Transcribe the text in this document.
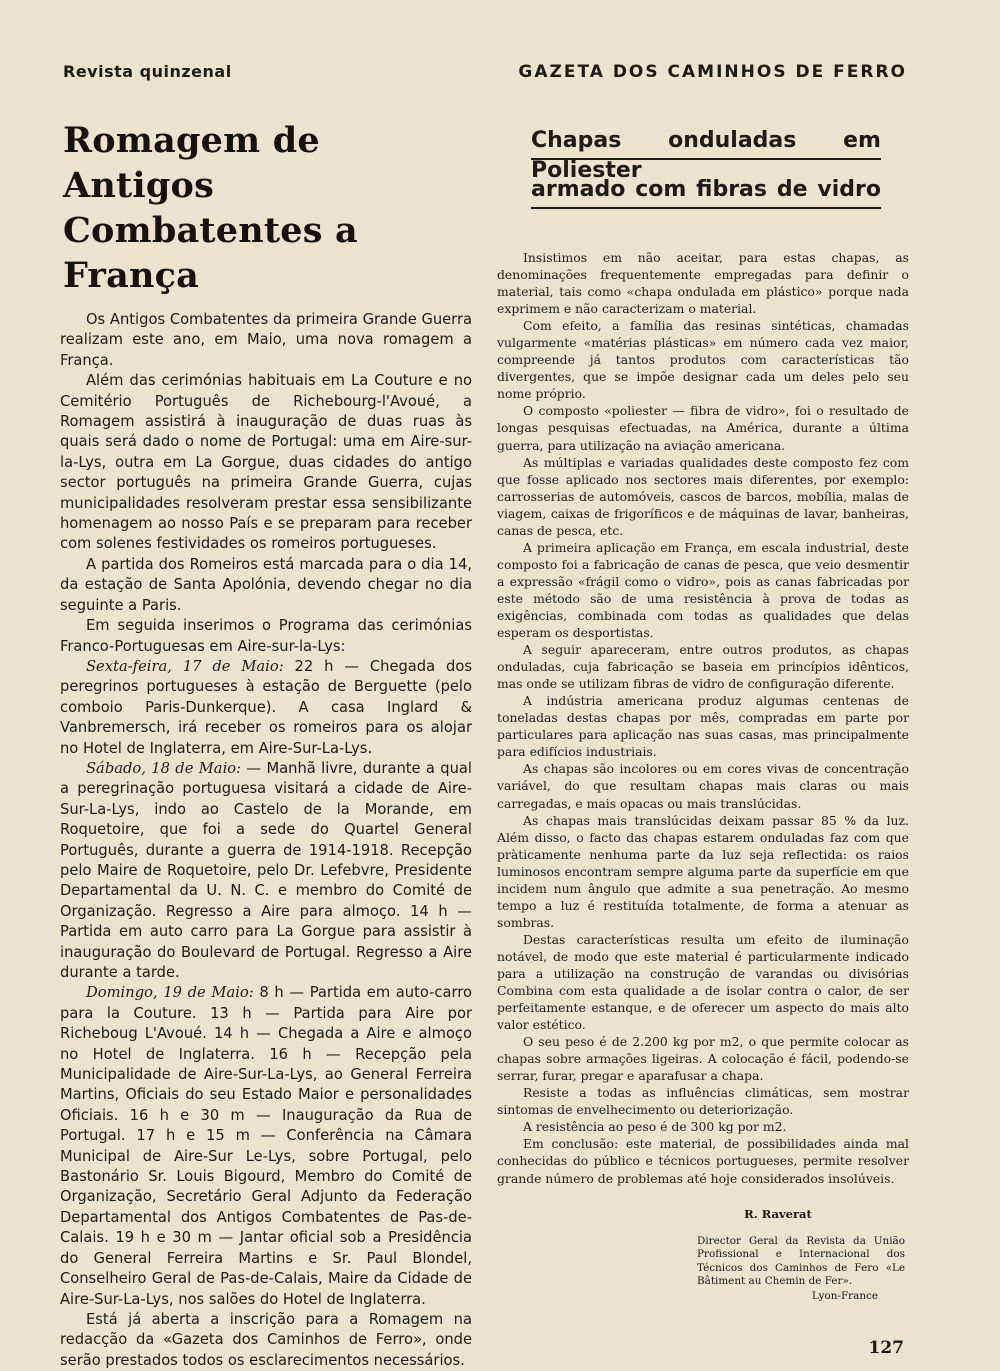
Revista quinzenal	GAZETA DOS CAMINHOS DE FERRO
Romagem de Antigos
Combatentes a França

Os Antigos Combatentes da primeira Grande Guerra realizam este ano, em Maio, uma nova romagem a França.

Além das cerimónias habituais em La Couture e no Cemitério Português de Richebourg-l'Avoué, a Romagem assistirá à inauguração de duas ruas às quais será dado o nome de Portugal: uma em Aire-sur-la-Lys, outra em La Gorgue, duas cidades do antigo sector português na primeira Grande Guerra, cujas municipalidades resolveram prestar essa sensibilizante homenagem ao nosso País e se preparam para receber com solenes festividades os romeiros portugueses.

A partida dos Romeiros está marcada para o dia 14, da estação de Santa Apolónia, devendo chegar no dia seguinte a Paris.

Em seguida inserimos o Programa das cerimónias Franco-Portuguesas em Aire-sur-la-Lys:

Sexta-feira, 17 de Maio: 22 h — Chegada dos peregrinos portugueses à estação de Berguette (pelo comboio Paris-Dunkerque). A casa Inglard & Vanbremersch, irá receber os romeiros para os alojar no Hotel de Inglaterra, em Aire-Sur-La-Lys.

Sábado, 18 de Maio: — Manhã livre, durante a qual a peregrinação portuguesa visitará a cidade de Aire-Sur-La-Lys, indo ao Castelo de la Morande, em Roquetoire, que foi a sede do Quartel General Português, durante a guerra de 1914-1918. Recepção pelo Maire de Roquetoire, pelo Dr. Lefebvre, Presidente Departamental da U. N. C. e membro do Comité de Organização. Regresso a Aire para almoço. 14 h — Partida em auto carro para La Gorgue para assistir à inauguração do Boulevard de Portugal. Regresso a Aire durante a tarde.

Domingo, 19 de Maio: 8 h — Partida em auto-carro para la Couture. 13 h — Partida para Aire por Richeboug L'Avoué. 14 h — Chegada a Aire e almoço no Hotel de Inglaterra. 16 h — Recepção pela Municipalidade de Aire-Sur-La-Lys, ao General Ferreira Martins, Oficiais do seu Estado Maior e personalidades Oficiais. 16 h e 30 m — Inauguração da Rua de Portugal. 17 h e 15 m — Conferência na Câmara Municipal de Aire-Sur Le-Lys, sobre Portugal, pelo Bastonário Sr. Louis Bigourd, Membro do Comité de Organização, Secretário Geral Adjunto da Federação Departamental dos Antigos Combatentes de Pas-de-Calais. 19 h e 30 m — Jantar oficial sob a Presidência do General Ferreira Martins e Sr. Paul Blondel, Conselheiro Geral de Pas-de-Calais, Maire da Cidade de Aire-Sur-La-Lys, nos salões do Hotel de Inglaterra.

Está já aberta a inscrição para a Romagem na redacção da «Gazeta dos Caminhos de Ferro», onde serão prestados todos os esclarecimentos necessários.

Chapas onduladas em Poliester
armado com fibras de vidro

Insistimos em não aceitar, para estas chapas, as denominações frequentemente empregadas para definir o material, tais como «chapa ondulada em plástico» porque nada exprimem e não caracterizam o material.

Com efeito, a família das resinas sintéticas, chamadas vulgarmente «matérias plásticas» em número cada vez maior, compreende já tantos produtos com características tão divergentes, que se impõe designar cada um deles pelo seu nome próprio.

O composto «poliester — fibra de vidro», foi o resultado de longas pesquisas efectuadas, na América, durante a última guerra, para utilização na aviação americana.

As múltiplas e variadas qualidades deste composto fez com que fosse aplicado nos sectores mais diferentes, por exemplo: carrosserias de automóveis, cascos de barcos, mobília, malas de viagem, caixas de frigoríficos e de máquinas de lavar, banheiras, canas de pesca, etc.

A primeira aplicação em França, em escala industrial, deste composto foi a fabricação de canas de pesca, que veio desmentir a expressão «frágil como o vidro», pois as canas fabricadas por este método são de uma resistência à prova de todas as exigências, combinada com todas as qualidades que delas esperam os desportistas.

A seguir apareceram, entre outros produtos, as chapas onduladas, cuja fabricação se baseia em princípios idênticos, mas onde se utilizam fibras de vidro de configuração diferente.

A indústria americana produz algumas centenas de toneladas destas chapas por mês, compradas em parte por particulares para aplicação nas suas casas, mas principalmente para edifícios industriais.

As chapas são incolores ou em cores vivas de concentração variável, do que resultam chapas mais claras ou mais carregadas, e mais opacas ou mais translúcidas.

As chapas mais translúcidas deixam passar 85 % da luz. Além disso, o facto das chapas estarem onduladas faz com que pràticamente nenhuma parte da luz seja reflectida: os raios luminosos encontram sempre alguma parte da superfície em que incidem num ângulo que admite a sua penetração. Ao mesmo tempo a luz é restituída totalmente, de forma a atenuar as sombras.

Destas características resulta um efeito de iluminação notável, de modo que este material é particularmente indicado para a utilização na construção de varandas ou divisórias Combina com esta qualidade a de isolar contra o calor, de ser perfeitamente estanque, e de oferecer um aspecto do mais alto valor estético.

O seu peso é de 2.200 kg por m2, o que permite colocar as chapas sobre armações ligeiras. A colocação é fácil, podendo-se serrar, furar, pregar e aparafusar a chapa.

Resiste a todas as influências climáticas, sem mostrar sintomas de envelhecimento ou deteriorização.

A resistência ao peso é de 300 kg por m2.

Em conclusão: este material, de possibilidades ainda mal conhecidas do público e técnicos portugueses, permite resolver grande número de problemas até hoje considerados insolúveis.

R. Raverat
Director Geral da Revista da União Profissional e Internacional dos Técnicos dos Caminhos de Fero «Le Bâtiment au Chemin de Fer».
Lyon-France
127
